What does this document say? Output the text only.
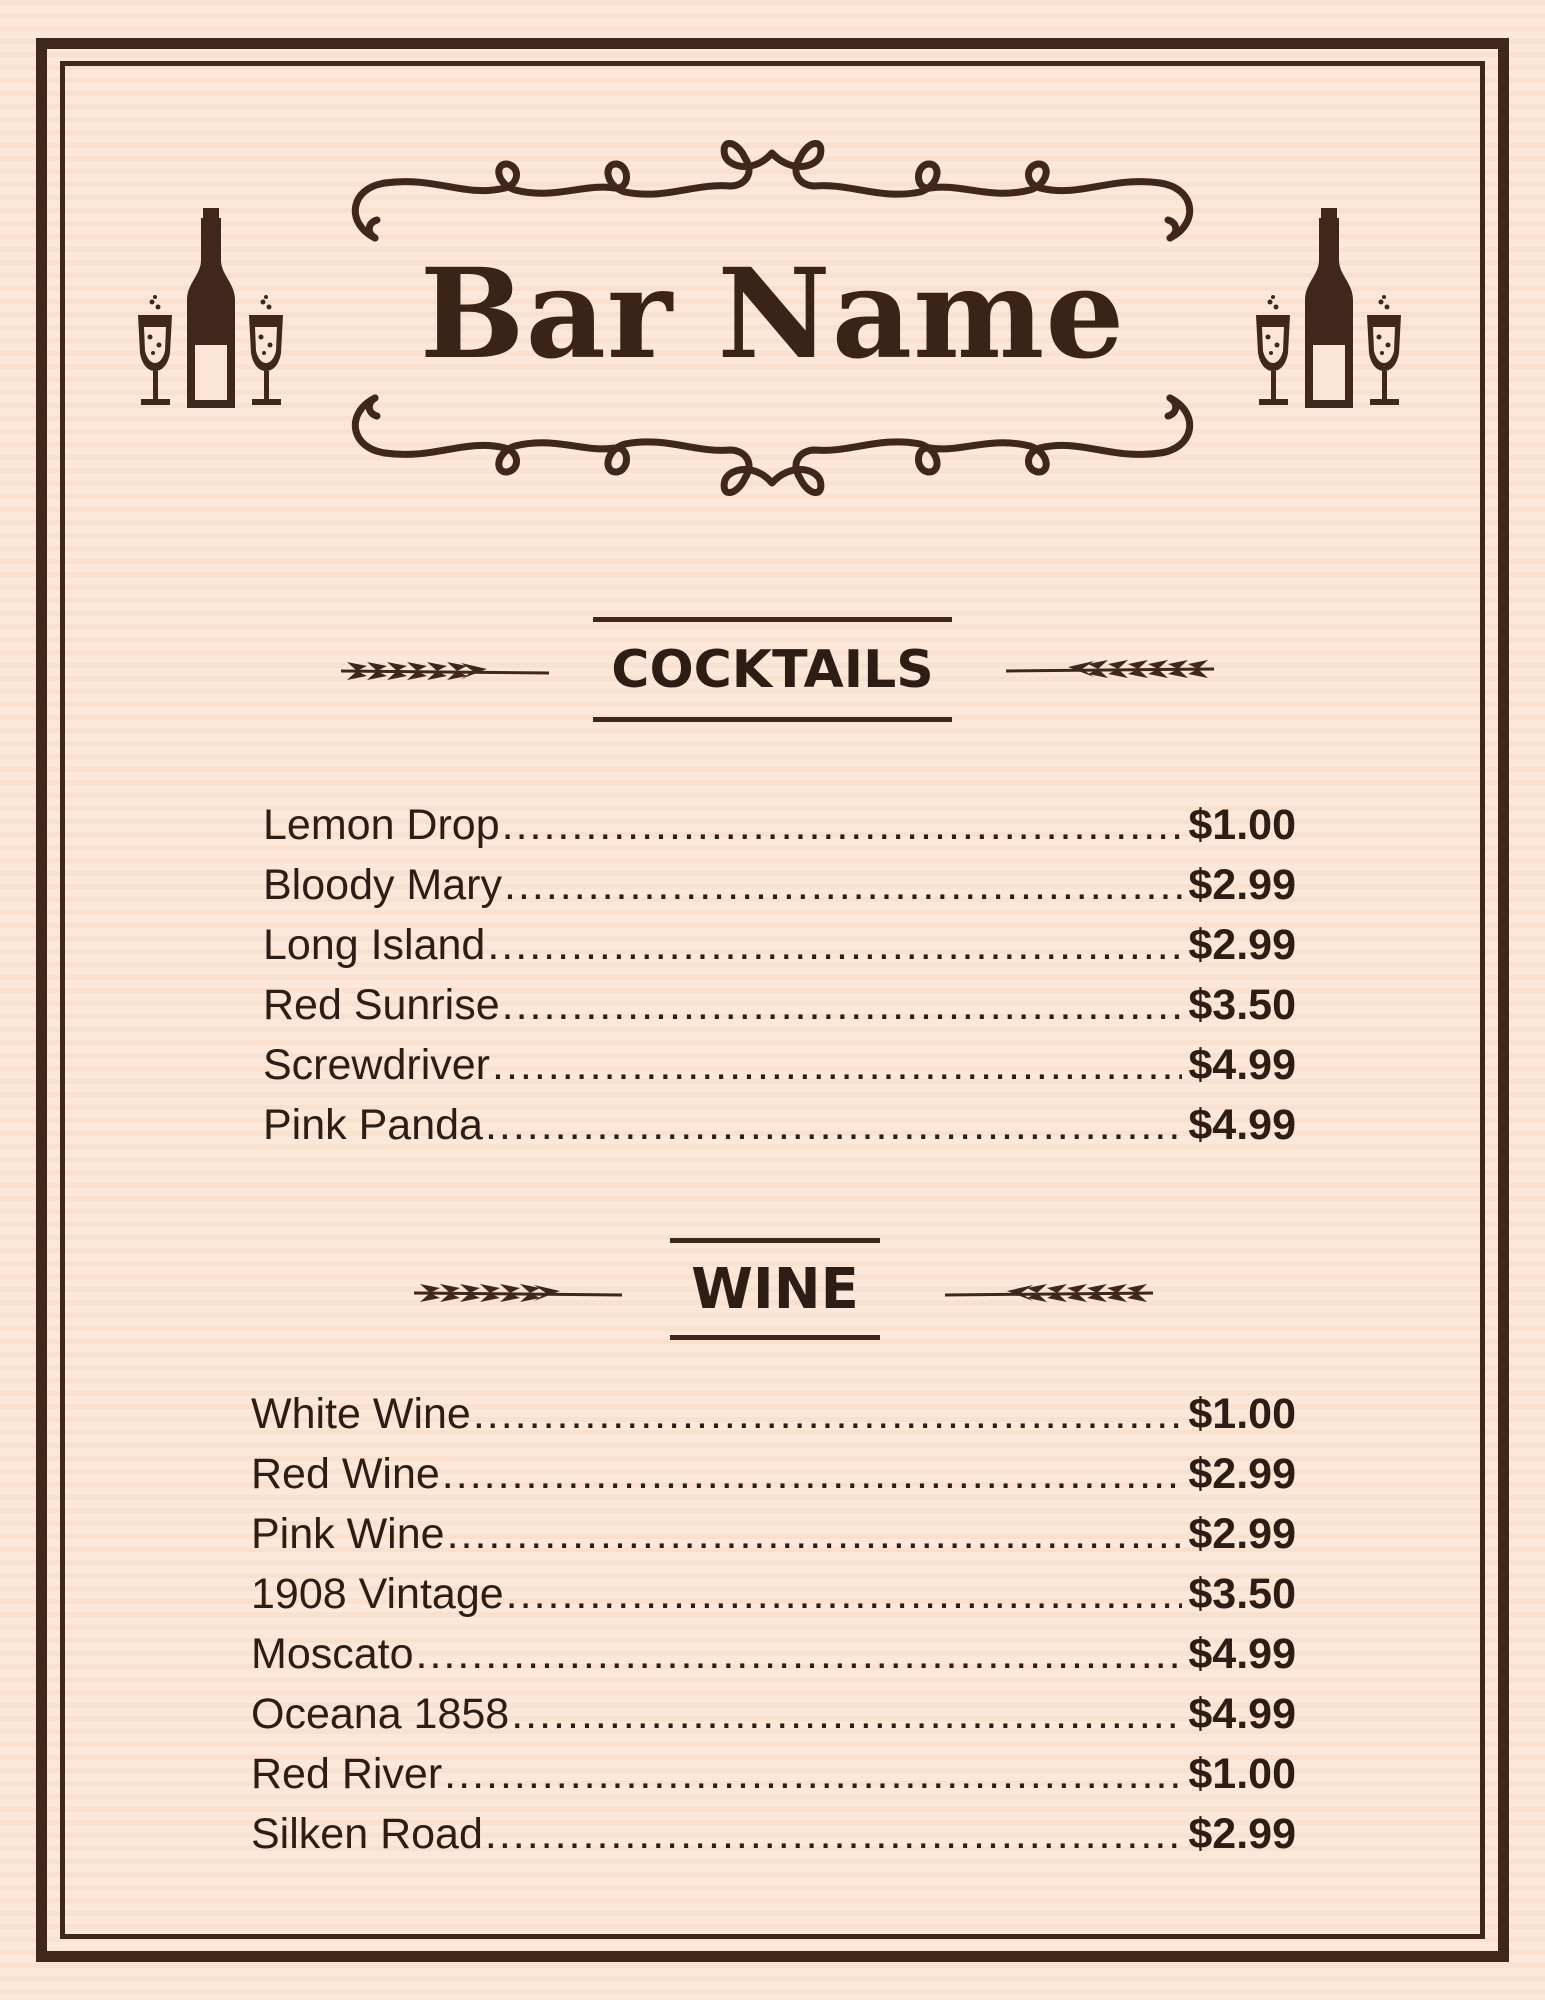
Bar Name
COCKTAILS
Lemon Drop .....	$1.00
Bloody Mary .....	$2.99
Long Island .....	$2.99
Red Sunrise .....	$3.50
Screwdriver .....	$4.99
Pink Panda .....	$4.99
WINE
White Wine .....	$1.00
Red Wine .....	$2.99
Pink Wine .....	$2.99
1908 Vintage .....	$3.50
Moscato .....	$4.99
Oceana 1858 .....	$4.99
Red River .....	$1.00
Silken Road .....	$2.99
